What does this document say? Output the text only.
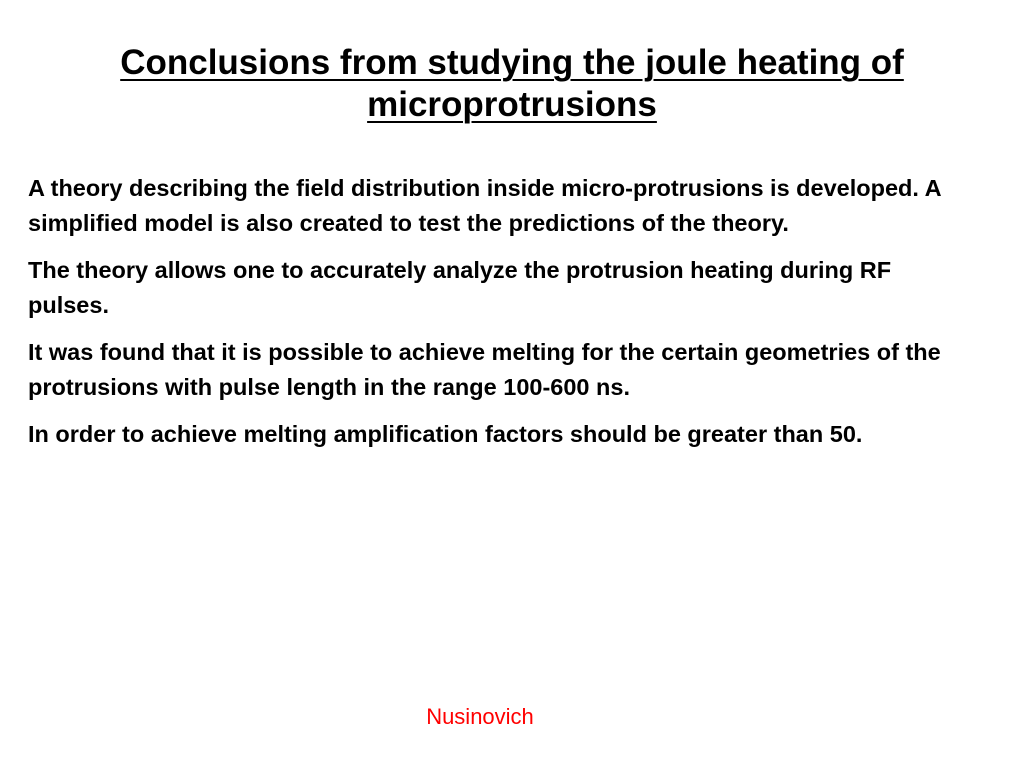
Conclusions from studying the joule heating of
microprotrusions

A theory describing the field distribution inside micro-protrusions is developed. A simplified model is also created to test the predictions of the theory.

The theory allows one to accurately analyze the protrusion heating during RF pulses.

It was found that it is possible to achieve melting for the certain geometries of the protrusions with pulse length in the range 100-600 ns.

In order to achieve melting amplification factors should be greater than 50.

Nusinovich
